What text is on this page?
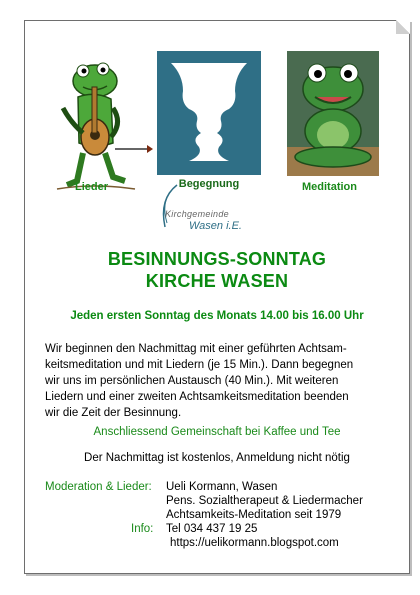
Lieder	Begegnung	Meditation
Kirchgemeinde
Wasen i.E.
BESINNUNGS-SONNTAG
KIRCHE WASEN
Jeden ersten Sonntag des Monats 14.00 bis 16.00 Uhr
Wir beginnen den Nachmittag mit einer geführten Achtsam-
keitsmeditation und mit Liedern (je 15 Min.). Dann begegnen
wir uns im persönlichen Austausch (40 Min.). Mit weiteren
Liedern und einer zweiten Achtsamkeitsmeditation beenden
wir die Zeit der Besinnung.
Anschliessend Gemeinschaft bei Kaffee und Tee
Der Nachmittag ist kostenlos, Anmeldung nicht nötig
Moderation & Lieder: Ueli Kormann, Wasen
Pens. Sozialtherapeut & Liedermacher
Achtsamkeits-Meditation seit 1979
Info: Tel 034 437 19 25
https://uelikormann.blogspot.com
